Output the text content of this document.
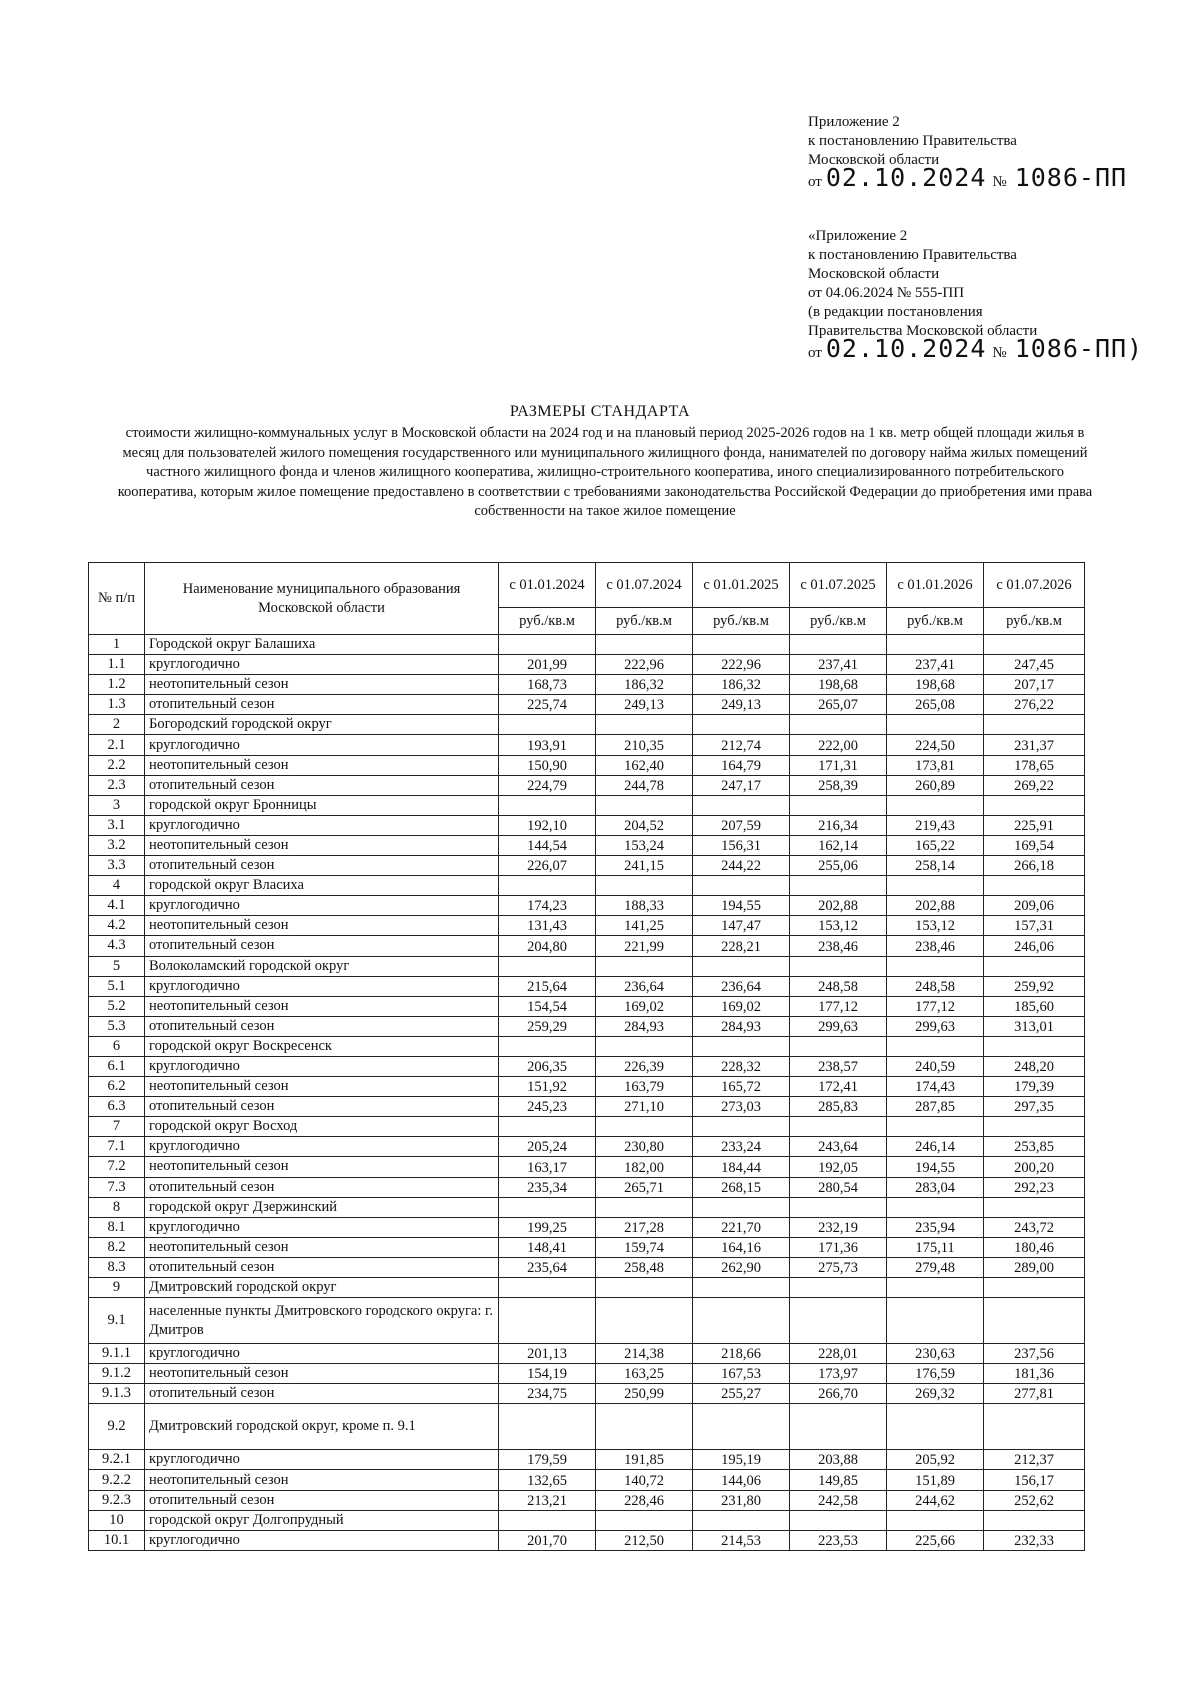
Приложение 2
к постановлению Правительства
Московской области
от 02.10.2024 № 1086-ПП
«Приложение 2
к постановлению Правительства
Московской области
от 04.06.2024 № 555-ПП
(в редакции постановления
Правительства Московской области
от 02.10.2024 № 1086-ПП)
РАЗМЕРЫ СТАНДАРТА
стоимости жилищно-коммунальных услуг в Московской области на 2024 год и на плановый период 2025-2026 годов на 1 кв. метр общей площади жилья в месяц для пользователей жилого помещения государственного или муниципального жилищного фонда, нанимателей по договору найма жилых помещений частного жилищного фонда и членов жилищного кооператива, жилищно-строительного кооператива, иного специализированного потребительского кооператива, которым жилое помещение предоставлено в соответствии с требованиями законодательства Российской Федерации до приобретения ими права собственности на такое жилое помещение
№ п/п	Наименование муниципального образования Московской области	с 01.01.2024	с 01.07.2024	с 01.01.2025	с 01.07.2025	с 01.01.2026	с 01.07.2026
		руб./кв.м	руб./кв.м	руб./кв.м	руб./кв.м	руб./кв.м	руб./кв.м
1	Городской округ Балашиха						
1.1	круглогодично	201,99	222,96	222,96	237,41	237,41	247,45
1.2	неотопительный сезон	168,73	186,32	186,32	198,68	198,68	207,17
1.3	отопительный сезон	225,74	249,13	249,13	265,07	265,08	276,22
2	Богородский городской округ						
2.1	круглогодично	193,91	210,35	212,74	222,00	224,50	231,37
2.2	неотопительный сезон	150,90	162,40	164,79	171,31	173,81	178,65
2.3	отопительный сезон	224,79	244,78	247,17	258,39	260,89	269,22
3	городской округ Бронницы						
3.1	круглогодично	192,10	204,52	207,59	216,34	219,43	225,91
3.2	неотопительный сезон	144,54	153,24	156,31	162,14	165,22	169,54
3.3	отопительный сезон	226,07	241,15	244,22	255,06	258,14	266,18
4	городской округ Власиха						
4.1	круглогодично	174,23	188,33	194,55	202,88	202,88	209,06
4.2	неотопительный сезон	131,43	141,25	147,47	153,12	153,12	157,31
4.3	отопительный сезон	204,80	221,99	228,21	238,46	238,46	246,06
5	Волоколамский городской округ						
5.1	круглогодично	215,64	236,64	236,64	248,58	248,58	259,92
5.2	неотопительный сезон	154,54	169,02	169,02	177,12	177,12	185,60
5.3	отопительный сезон	259,29	284,93	284,93	299,63	299,63	313,01
6	городской округ Воскресенск						
6.1	круглогодично	206,35	226,39	228,32	238,57	240,59	248,20
6.2	неотопительный сезон	151,92	163,79	165,72	172,41	174,43	179,39
6.3	отопительный сезон	245,23	271,10	273,03	285,83	287,85	297,35
7	городской округ Восход						
7.1	круглогодично	205,24	230,80	233,24	243,64	246,14	253,85
7.2	неотопительный сезон	163,17	182,00	184,44	192,05	194,55	200,20
7.3	отопительный сезон	235,34	265,71	268,15	280,54	283,04	292,23
8	городской округ Дзержинский						
8.1	круглогодично	199,25	217,28	221,70	232,19	235,94	243,72
8.2	неотопительный сезон	148,41	159,74	164,16	171,36	175,11	180,46
8.3	отопительный сезон	235,64	258,48	262,90	275,73	279,48	289,00
9	Дмитровский городской округ						
9.1	населенные пункты Дмитровского городского округа: г. Дмитров						
9.1.1	круглогодично	201,13	214,38	218,66	228,01	230,63	237,56
9.1.2	неотопительный сезон	154,19	163,25	167,53	173,97	176,59	181,36
9.1.3	отопительный сезон	234,75	250,99	255,27	266,70	269,32	277,81
9.2	Дмитровский городской округ, кроме п. 9.1						
9.2.1	круглогодично	179,59	191,85	195,19	203,88	205,92	212,37
9.2.2	неотопительный сезон	132,65	140,72	144,06	149,85	151,89	156,17
9.2.3	отопительный сезон	213,21	228,46	231,80	242,58	244,62	252,62
10	городской округ Долгопрудный						
10.1	круглогодично	201,70	212,50	214,53	223,53	225,66	232,33
